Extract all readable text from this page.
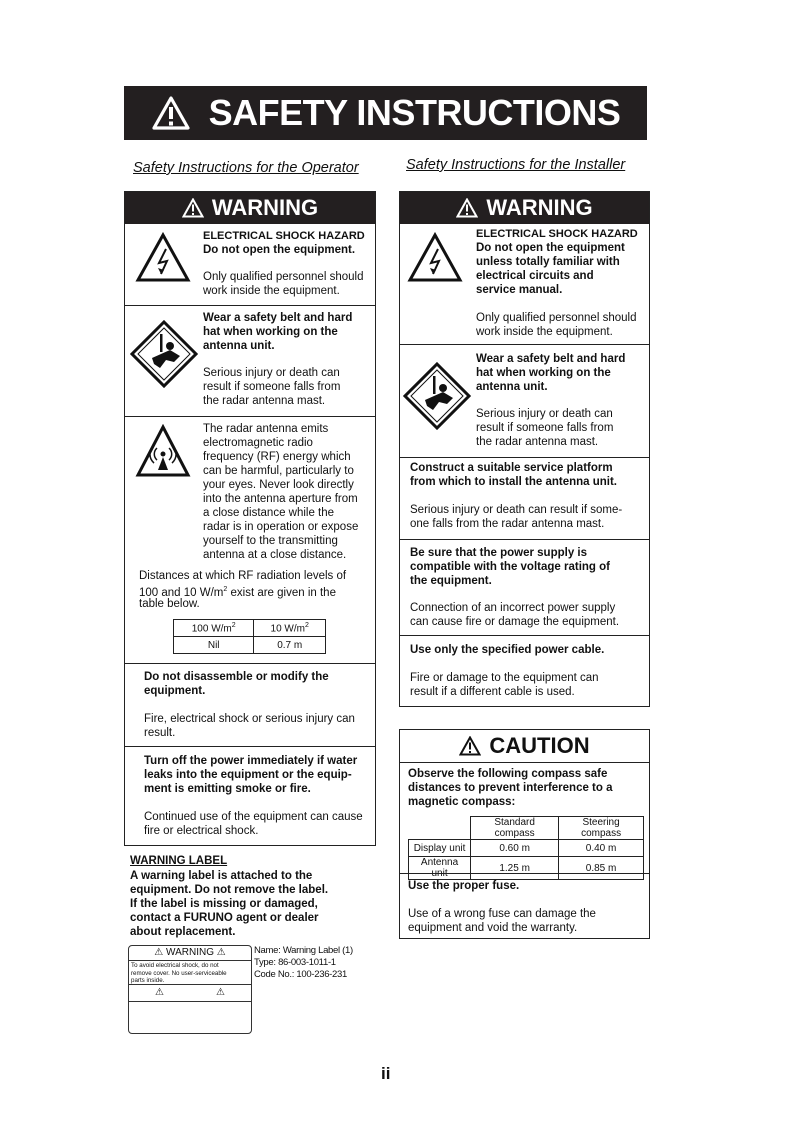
SAFETY INSTRUCTIONS
Safety Instructions for the Operator	Safety Instructions for the Installer
WARNING
ELECTRICAL SHOCK HAZARD
Do not open the equipment.
Only qualified personnel should
work inside the equipment.
Wear a safety belt and hard
hat when working on the
antenna unit.
Serious injury or death can
result if someone falls from
the radar antenna mast.
The radar antenna emits
electromagnetic radio
frequency (RF) energy which
can be harmful, particularly to
your eyes. Never look directly
into the antenna aperture from
a close distance while the
radar is in operation or expose
yourself to the transmitting
antenna at a close distance.
Distances at which RF radiation levels of
100 and 10 $W/m^2$ exist are given in the
table below.
100 $W/m^2$	10 $W/m^2$
Nil	0.7 m
Do not disassemble or modify the
equipment.
Fire, electrical shock or serious injury can
result.
Turn off the power immediately if water
leaks into the equipment or the equip-
ment is emitting smoke or fire.
Continued use of the equipment can cause
fire or electrical shock.
WARNING LABEL
A warning label is attached to the
equipment. Do not remove the label.
If the label is missing or damaged,
contact a FURUNO agent or dealer
about replacement.
⚠ WARNING ⚠
To avoid electrical shock, do not
remove cover. No user-serviceable
parts inside.
⚠	⚠
Name: Warning Label (1)
Type: 86-003-1011-1
Code No.: 100-236-231
WARNING
ELECTRICAL SHOCK HAZARD
Do not open the equipment
unless totally familiar with
electrical circuits and
service manual.
Only qualified personnel should
work inside the equipment.
Wear a safety belt and hard
hat when working on the
antenna unit.
Serious injury or death can
result if someone falls from
the radar antenna mast.
Construct a suitable service platform
from which to install the antenna unit.
Serious injury or death can result if some-
one falls from the radar antenna mast.
Be sure that the power supply is
compatible with the voltage rating of
the equipment.
Connection of an incorrect power supply
can cause fire or damage the equipment.
Use only the specified power cable.
Fire or damage to the equipment can
result if a different cable is used.
CAUTION
Observe the following compass safe
distances to prevent interference to a
magnetic compass:
	Standard compass	Steering compass
Display unit	0.60 m	0.40 m
Antenna unit	1.25 m	0.85 m
Use the proper fuse.
Use of a wrong fuse can damage the
equipment and void the warranty.
ii
